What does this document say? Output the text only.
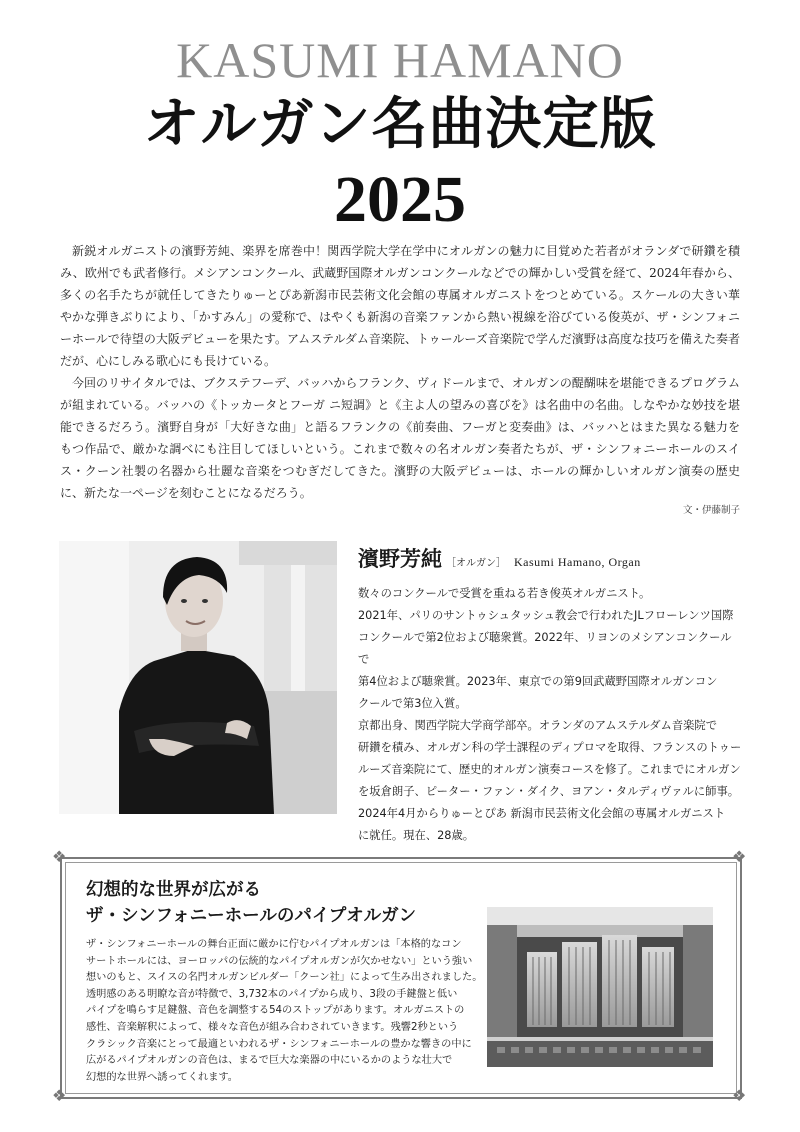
KASUMI HAMANO
オルガン名曲決定版
2025

新鋭オルガニストの濱野芳純、楽界を席巻中！関西学院大学在学中にオルガンの魅力に目覚めた若者がオランダで研鑽を積み、欧州でも武者修行。メシアンコンクール、武蔵野国際オルガンコンクールなどでの輝かしい受賞を経て、2024年春から、多くの名手たちが就任してきたりゅーとぴあ新潟市民芸術文化会館の専属オルガニストをつとめている。スケールの大きい華やかな弾きぶりにより、「かすみん」の愛称で、はやくも新潟の音楽ファンから熱い視線を浴びている俊英が、ザ・シンフォニーホールで待望の大阪デビューを果たす。アムステルダム音楽院、トゥールーズ音楽院で学んだ濱野は高度な技巧を備えた奏者だが、心にしみる歌心にも長けている。

今回のリサイタルでは、ブクステフーデ、バッハからフランク、ヴィドールまで、オルガンの醍醐味を堪能できるプログラムが組まれている。バッハの《トッカータとフーガ ニ短調》と《主よ人の望みの喜びを》は名曲中の名曲。しなやかな妙技を堪能できるだろう。濱野自身が「大好きな曲」と語るフランクの《前奏曲、フーガと変奏曲》は、バッハとはまた異なる魅力をもつ作品で、厳かな調べにも注目してほしいという。これまで数々の名オルガン奏者たちが、ザ・シンフォニーホールのスイス・クーン社製の名器から壮麗な音楽をつむぎだしてきた。濱野の大阪デビューは、ホールの輝かしいオルガン演奏の歴史に、新たな一ページを刻むことになるだろう。

文・伊藤制子
濱野芳純 ［オルガン］ Kasumi Hamano, Organ
数々のコンクールで受賞を重ねる若き俊英オルガニスト。
2021年、パリのサントゥシュタッシュ教会で行われたJLフローレンツ国際
コンクールで第2位および聴衆賞。2022年、リヨンのメシアンコンクールで
第4位および聴衆賞。2023年、東京での第9回武蔵野国際オルガンコン
クールで第3位入賞。
京都出身、関西学院大学商学部卒。オランダのアムステルダム音楽院で
研鑽を積み、オルガン科の学士課程のディプロマを取得、フランスのトゥー
ルーズ音楽院にて、歴史的オルガン演奏コースを修了。これまでにオルガン
を坂倉朗子、ピーター・ファン・ダイク、ヨアン・タルディヴァルに師事。
2024年4月からりゅーとぴあ 新潟市民芸術文化会館の専属オルガニスト
に就任。現在、28歳。
❖	❖
❖	❖
幻想的な世界が広がる
ザ・シンフォニーホールのパイプオルガン
ザ・シンフォニーホールの舞台正面に厳かに佇むパイプオルガンは「本格的なコン
サートホールには、ヨーロッパの伝統的なパイプオルガンが欠かせない」という強い
想いのもと、スイスの名門オルガンビルダー「クーン社」によって生み出されました。
透明感のある明瞭な音が特徴で、3,732本のパイプから成り、3段の手鍵盤と低い
パイプを鳴らす足鍵盤、音色を調整する54のストップがあります。オルガニストの
感性、音楽解釈によって、様々な音色が組み合わされていきます。残響2秒という
クラシック音楽にとって最適といわれるザ・シンフォニーホールの豊かな響きの中に
広がるパイプオルガンの音色は、まるで巨大な楽器の中にいるかのような壮大で
幻想的な世界へ誘ってくれます。
